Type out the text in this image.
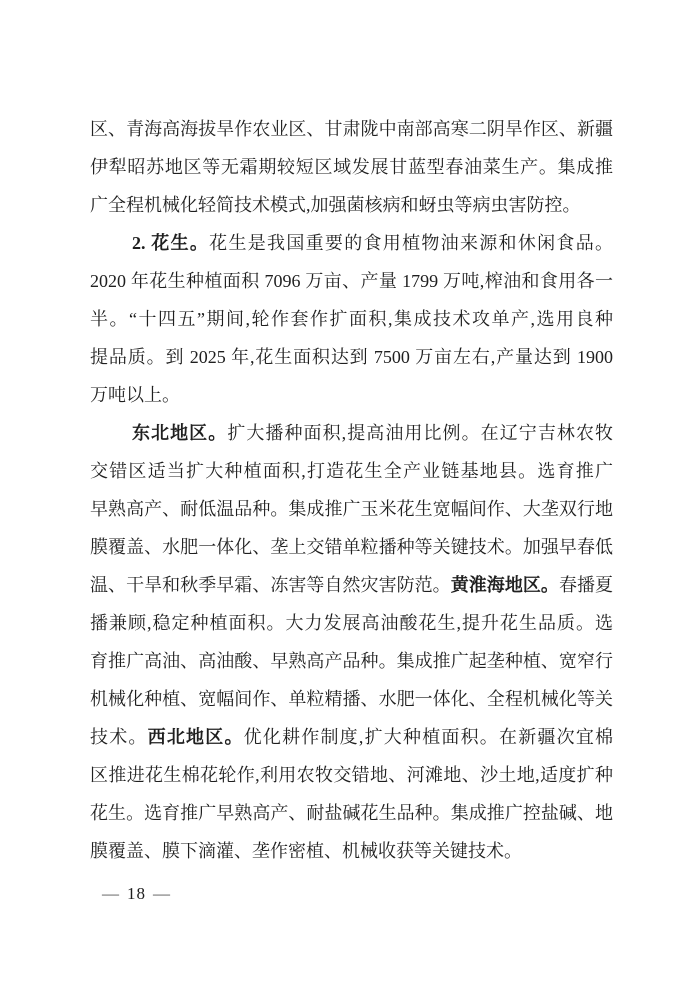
区、青海高海拔旱作农业区、甘肃陇中南部高寒二阴旱作区、新疆
伊犁昭苏地区等无霜期较短区域发展甘蓝型春油菜生产。集成推
广全程机械化轻简技术模式,加强菌核病和蚜虫等病虫害防控。
2. 花生。花生是我国重要的食用植物油来源和休闲食品。
2020 年花生种植面积 7096 万亩、产量 1799 万吨,榨油和食用各一
半。“十四五”期间,轮作套作扩面积,集成技术攻单产,选用良种
提品质。到 2025 年,花生面积达到 7500 万亩左右,产量达到 1900
万吨以上。
东北地区。扩大播种面积,提高油用比例。在辽宁吉林农牧
交错区适当扩大种植面积,打造花生全产业链基地县。选育推广
早熟高产、耐低温品种。集成推广玉米花生宽幅间作、大垄双行地
膜覆盖、水肥一体化、垄上交错单粒播种等关键技术。加强早春低
温、干旱和秋季早霜、冻害等自然灾害防范。黄淮海地区。春播夏
播兼顾,稳定种植面积。大力发展高油酸花生,提升花生品质。选
育推广高油、高油酸、早熟高产品种。集成推广起垄种植、宽窄行
机械化种植、宽幅间作、单粒精播、水肥一体化、全程机械化等关
技术。西北地区。优化耕作制度,扩大种植面积。在新疆次宜棉
区推进花生棉花轮作,利用农牧交错地、河滩地、沙土地,适度扩种
花生。选育推广早熟高产、耐盐碱花生品种。集成推广控盐碱、地
膜覆盖、膜下滴灌、垄作密植、机械收获等关键技术。
— 18 —
